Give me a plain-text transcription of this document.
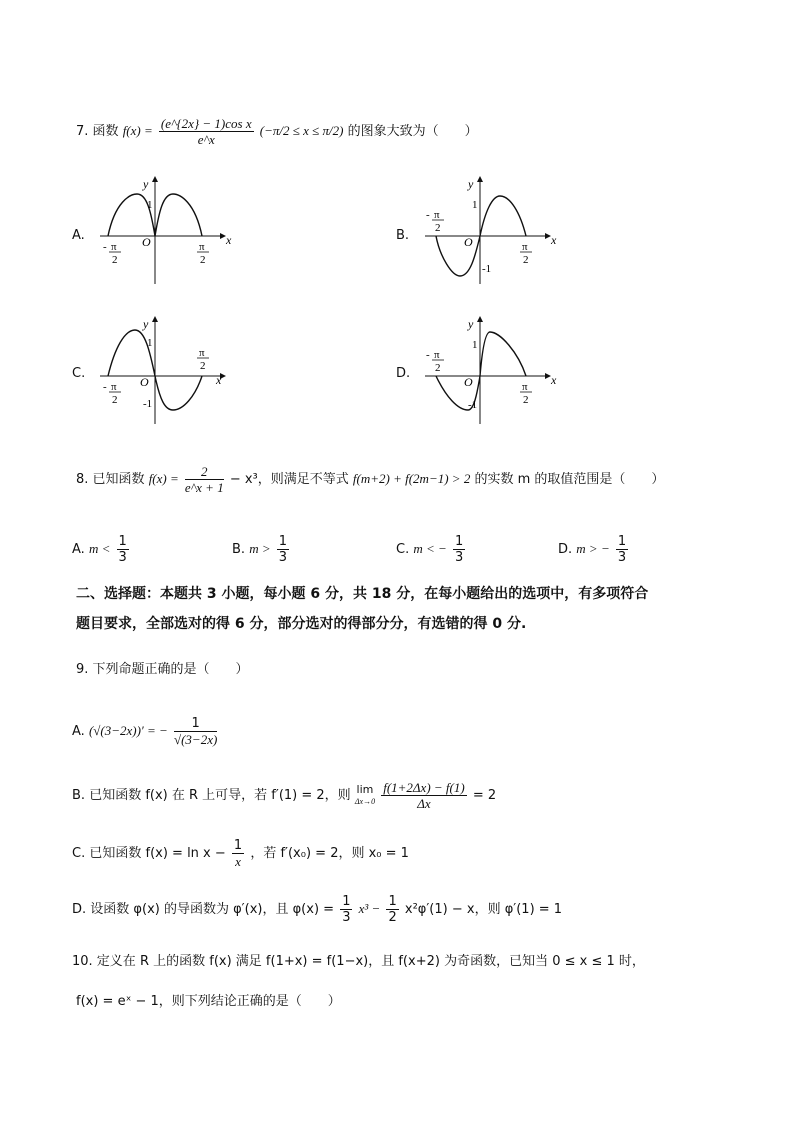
7. 函数 $f(x) = \frac{\text{(e\textasciicircum{}\{2x\} − 1)cos x}}{e\^{}x} (-\pi/2 \le x \le \pi/2)$ 的图象大致为（　　）
A.
y
x
O
1
- π
2
π
2
B.
y
x
O
1
-1
- π
2
π
2
C.
y
x
O
1
-1
- π
2
π
2	D.
y
x
O
1
-1
- π
2
π
2
8. 已知函数 $f(x) = \frac{2}{e\^{}x + 1} - x^3$，则满足不等式 f(m+2) + f(2m−1) > 2 的实数 m 的取值范围是（　　）
A. $m < \frac{1}{3}$	B. $m > \frac{1}{3}$	C. m < − $\frac{1}{3}$	D. m > − $\frac{1}{3}$
二、选择题：本题共 3 小题，每小题 6 分，共 18 分，在每小题给出的选项中，有多项符合
题目要求，全部选对的得 6 分，部分选对的得部分分，有选错的得 0 分.
9. 下列命题正确的是（　　）
A. (√(3−2x))′ = − $\frac{1}{√(3-2x)}$
B. 已知函数 f(x) 在 R 上可导，若 f′(1) = 2，则 lim
Δx→0
$\frac{f(1+2\Delta x) - f(1)}{\Delta x} = 2$
C. 已知函数 $f(x) = \ln x - \frac{1}{x}$ ，若 f′(x₀) = 2，则 x₀ = 1
D. 设函数 φ(x) 的导函数为 φ′(x)，且 $\varphi(x) = \frac{1}{3} x^3 - \frac{1}{2} x^2\varphi'(1) - x$，则 φ′(1) = 1
10. 定义在 R 上的函数 f(x) 满足 f(1+x) = f(1−x)，且 f(x+2) 为奇函数，已知当 0 ≤ x ≤ 1 时，
f(x) = eˣ − 1，则下列结论正确的是（　　）
